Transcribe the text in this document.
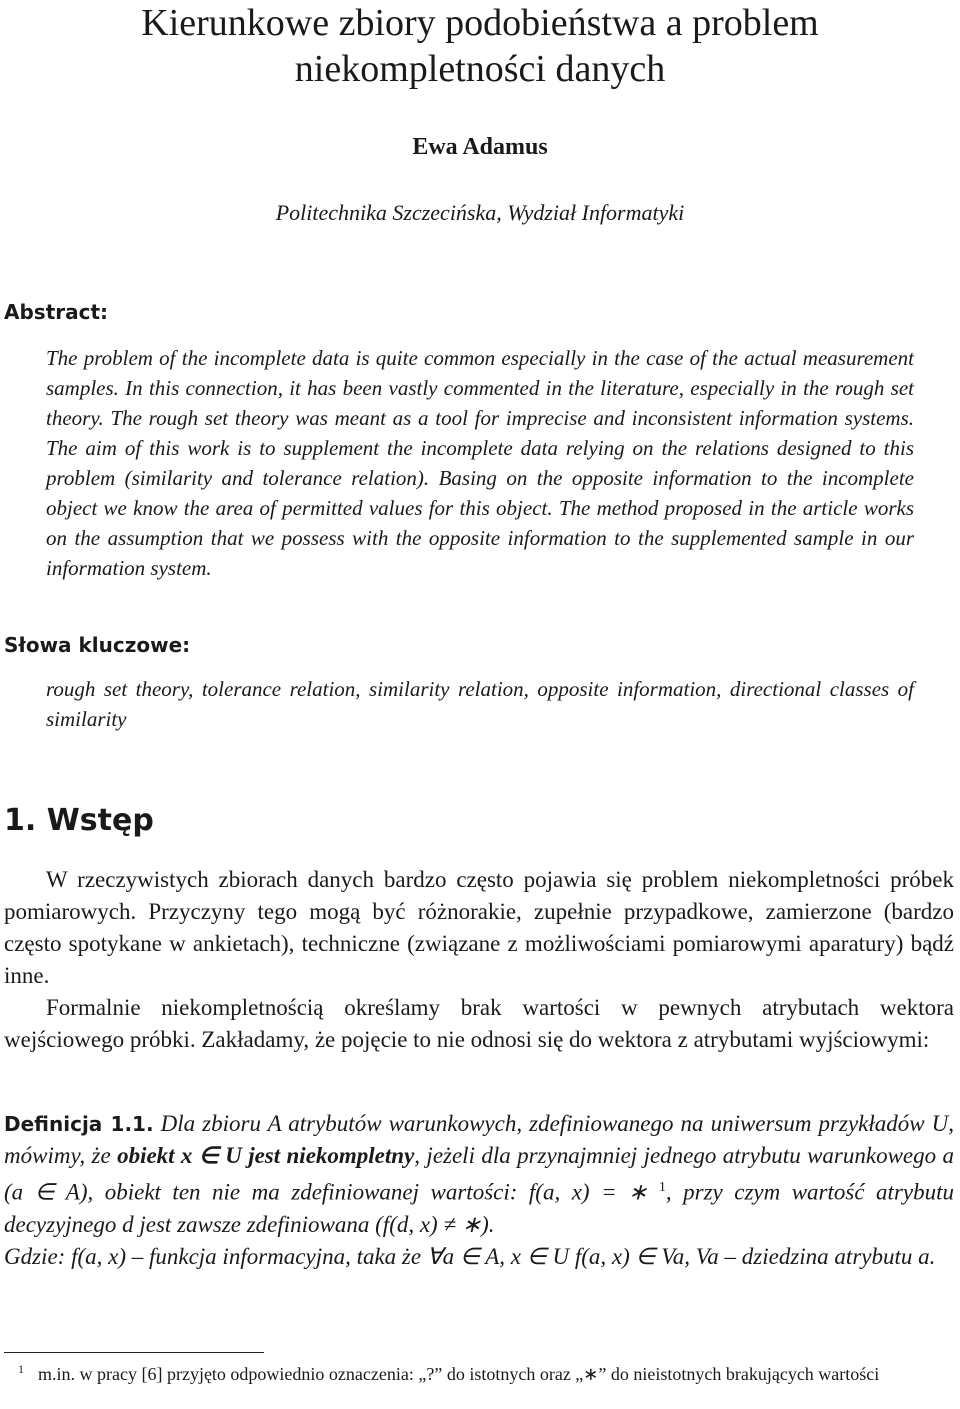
Kierunkowe zbiory podobieństwa a problem
niekompletności danych
Ewa Adamus
Politechnika Szczecińska, Wydział Informatyki
Abstract:
The problem of the incomplete data is quite common especially in the case of the actual measurement samples. In this connection, it has been vastly commented in the literature, especially in the rough set theory. The rough set theory was meant as a tool for imprecise and inconsistent information systems. The aim of this work is to supplement the incomplete data relying on the relations designed to this problem (similarity and tolerance relation). Basing on the opposite information to the incomplete object we know the area of permitted values for this object. The method proposed in the article works on the assumption that we possess with the opposite information to the supplemented sample in our information system.
Słowa kluczowe:
rough set theory, tolerance relation, similarity relation, opposite information, directional classes of similarity
1. Wstęp
W rzeczywistych zbiorach danych bardzo często pojawia się problem niekompletności próbek pomiarowych. Przyczyny tego mogą być różnorakie, zupełnie przypadkowe, zamierzone (bardzo często spotykane w ankietach), techniczne (związane z możliwościami pomiarowymi aparatury) bądź inne.
Formalnie niekompletnością określamy brak wartości w pewnych atrybutach wektora wejściowego próbki. Zakładamy, że pojęcie to nie odnosi się do wektora z atrybutami wyjściowymi:
Definicja 1.1. Dla zbioru A atrybutów warunkowych, zdefiniowanego na uniwersum przykładów U, mówimy, że obiekt x ∈ U jest niekompletny, jeżeli dla przynajmniej jednego atrybutu warunkowego a (a ∈ A), obiekt ten nie ma zdefiniowanej wartości: f(a, x) = ∗ $^1$, przy czym wartość atrybutu decyzyjnego d jest zawsze zdefiniowana (f(d, x) ≠ ∗).
Gdzie: f(a, x) – funkcja informacyjna, taka że ∀a ∈ A, x ∈ U f(a, x) ∈ Va, Va – dziedzina atrybutu a.
$^1$ m.in. w pracy [6] przyjęto odpowiednio oznaczenia: „?” do istotnych oraz „∗” do nieistotnych brakujących wartości
